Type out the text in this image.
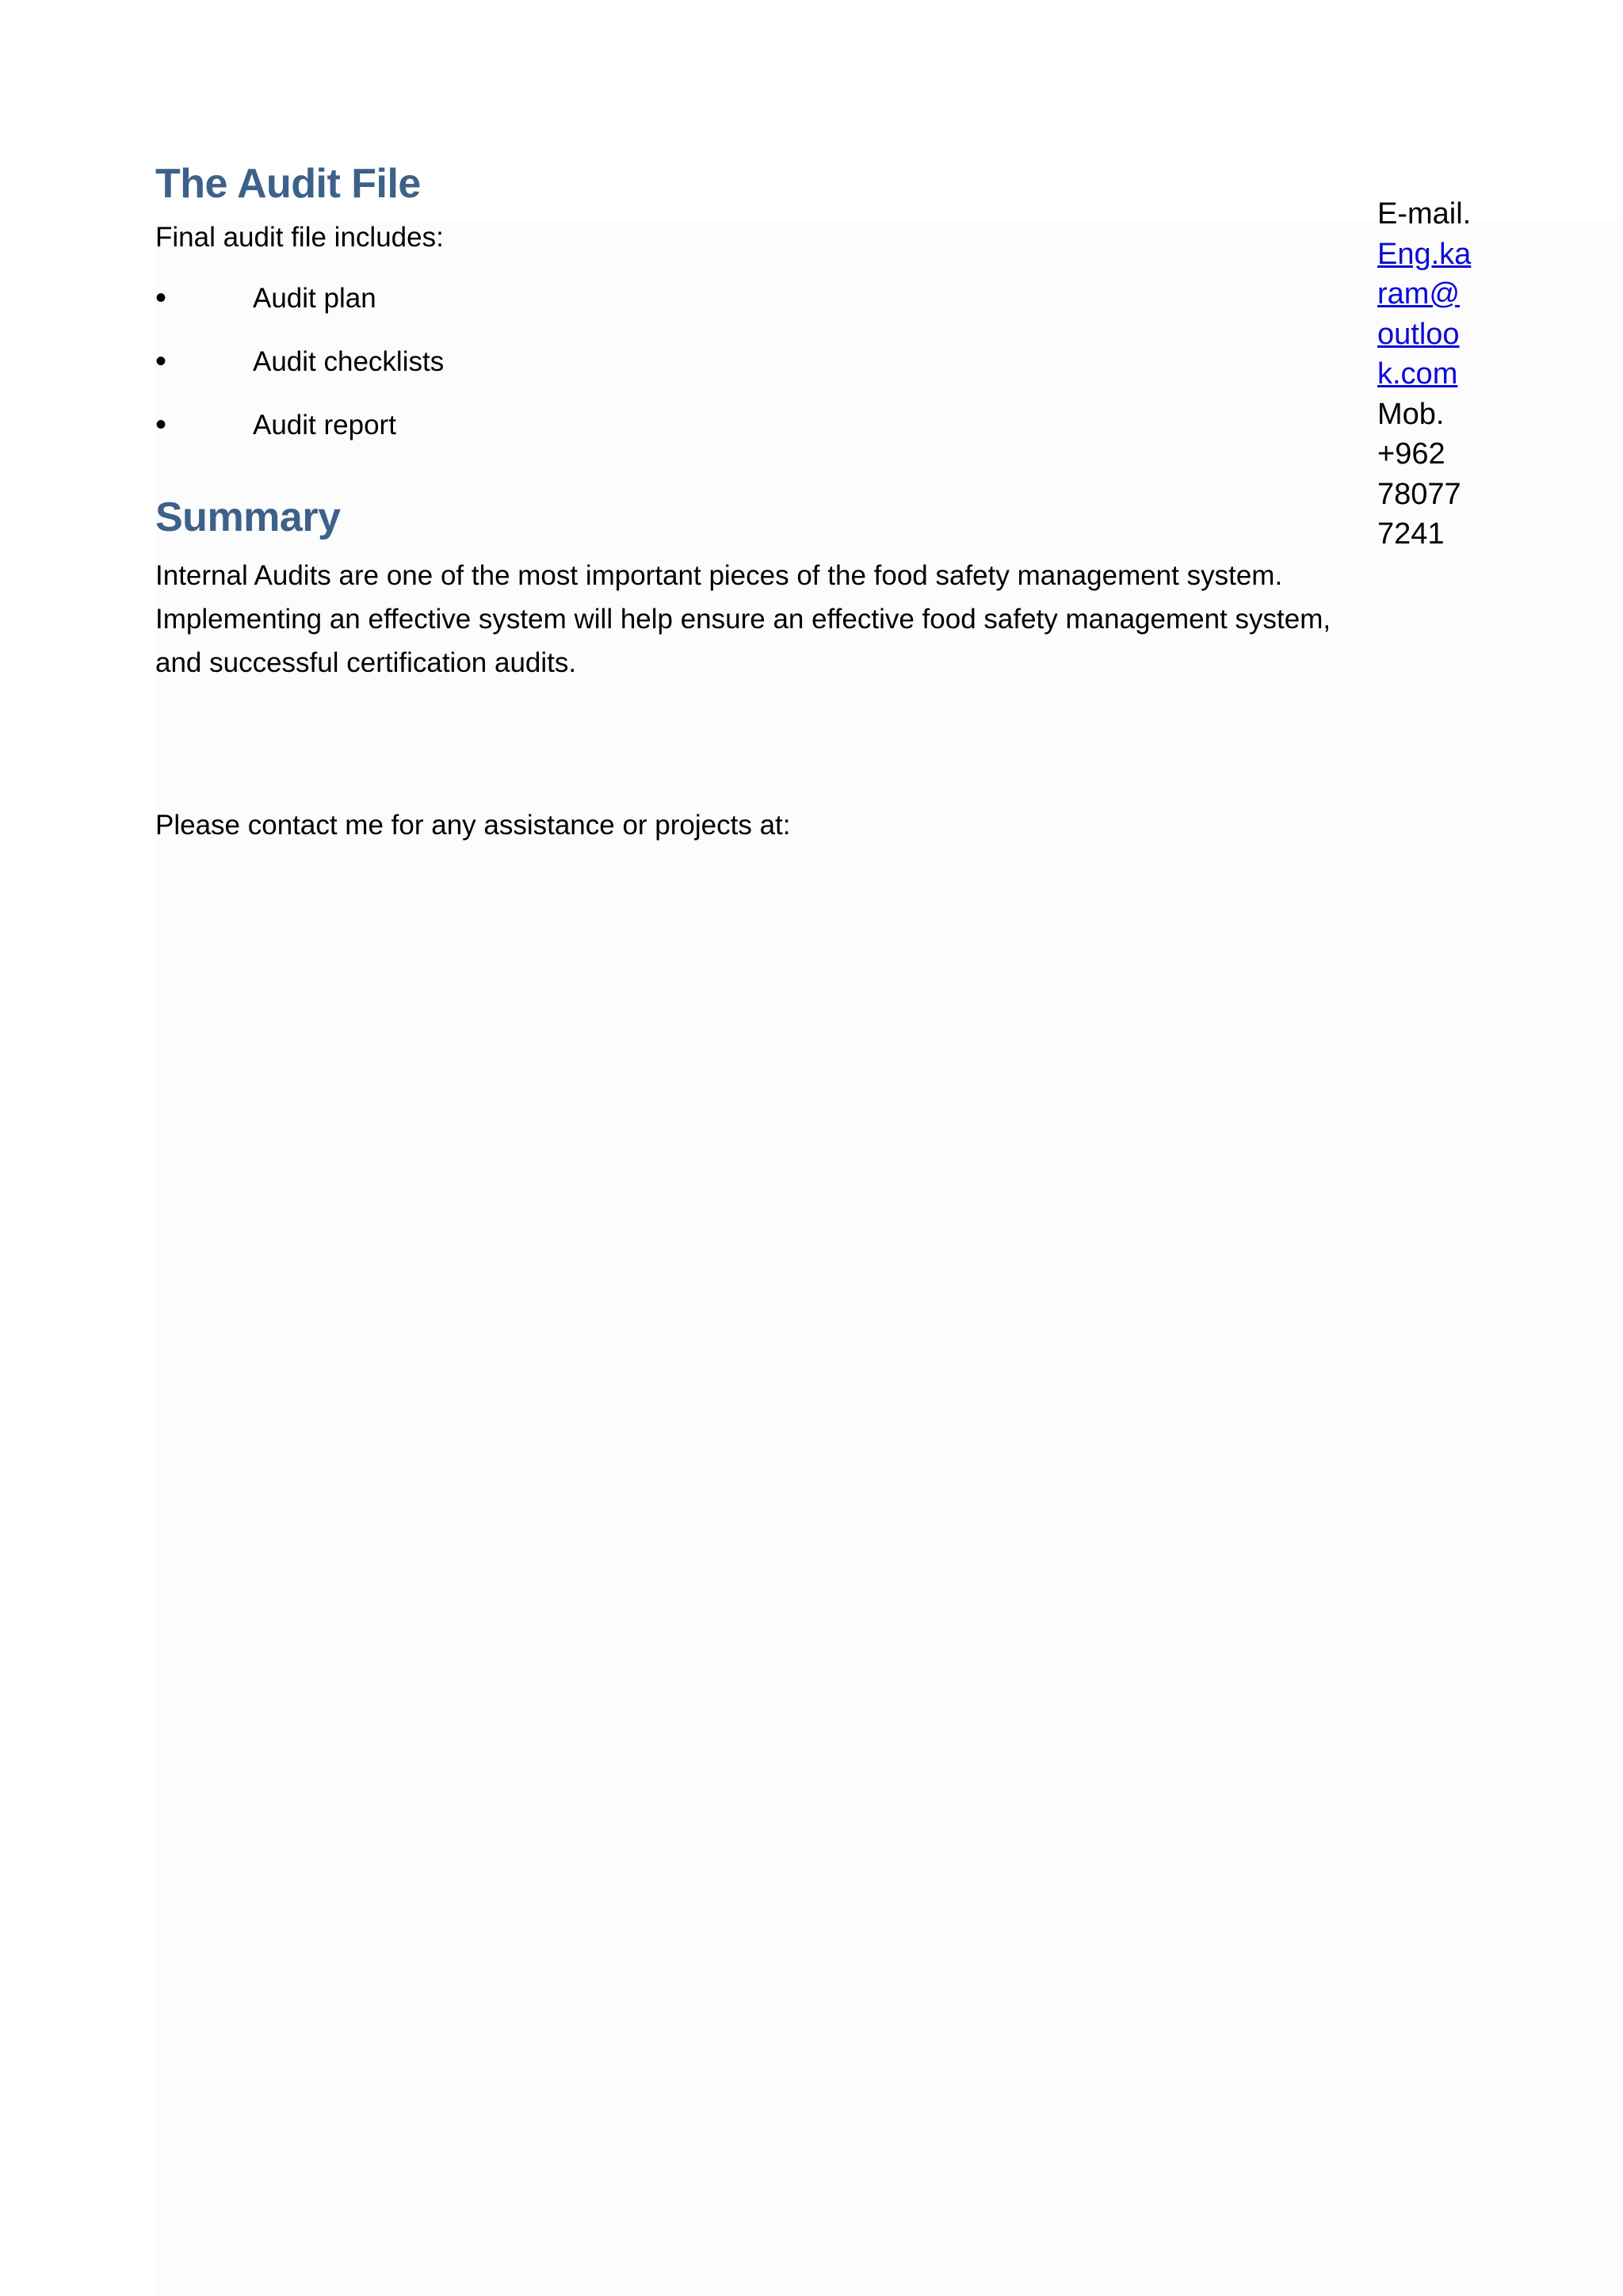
The Audit File

Final audit file includes:

•	Audit plan
•	Audit checklists
•	Audit report
Summary

Internal Audits are one of the most important pieces of the food safety management system. Implementing an effective system will help ensure an effective food safety management system, and successful certification audits.

Please contact me for any assistance or projects at:

E-mail.
Eng.ka
ram@
outloo
k.com
Mob.
+962
78077
7241
